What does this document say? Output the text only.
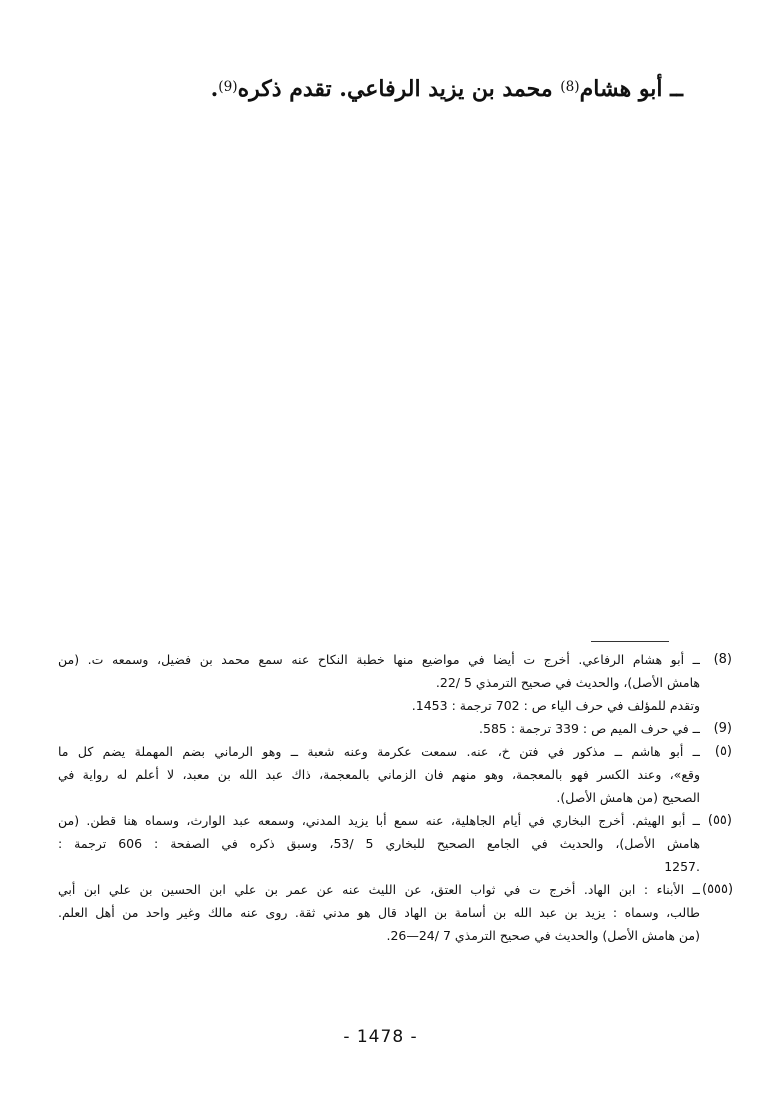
ــ أبو هشام$^{(8)}$ محمد بن يزيد الرفاعي. تقدم ذكره$^{(9)}$.
(8)
ــ أبو هشام الرفاعي. أخرج ت أيضا في مواضيع منها خطبة النكاح عنه سمع محمد بن فضيل، وسمعه ت. (من
هامش الأصل)، والحديث في صحيح الترمذي 5 /22.
وتقدم للمؤلف في حرف الياء ص : 702 ترجمة : 1453.
(9)
ــ في حرف الميم ص : 339 ترجمة : 585.
(٥)
ــ أبو هاشم ــ مذكور في فتن خ، عنه. سمعت عكرمة وعنه شعبة ــ وهو الرماني بضم المهملة يضم كل ما
وقع»، وعند الكسر فهو بالمعجمة، وهو منهم فان الزماني بالمعجمة، ذاك عبد الله بن معبد، لا أعلم له رواية في
الصحيح (من هامش الأصل).
(٥٥)
ــ أبو الهيثم. أخرج البخاري في أيام الجاهلية، عنه سمع أبا يزيد المدني، وسمعه عبد الوارث، وسماه هنا قطن. (من
هامش الأصل)، والحديث في الجامع الصحيح للبخاري 5 /53، وسبق ذكره في الصفحة : 606 ترجمة :
.1257
(٥٥٥)
ــ الأبناء : ابن الهاد. أخرج ت في ثواب العتق، عن الليث عنه عن عمر بن علي ابن الحسين بن علي ابن أبي
طالب، وسماه : يزيد بن عبد الله بن أسامة بن الهاد قال هو مدني ثقة. روى عنه مالك وغير واحد من أهل العلم.
(من هامش الأصل) والحديث في صحيح الترمذي 7 /24—26.
- 1478 -
